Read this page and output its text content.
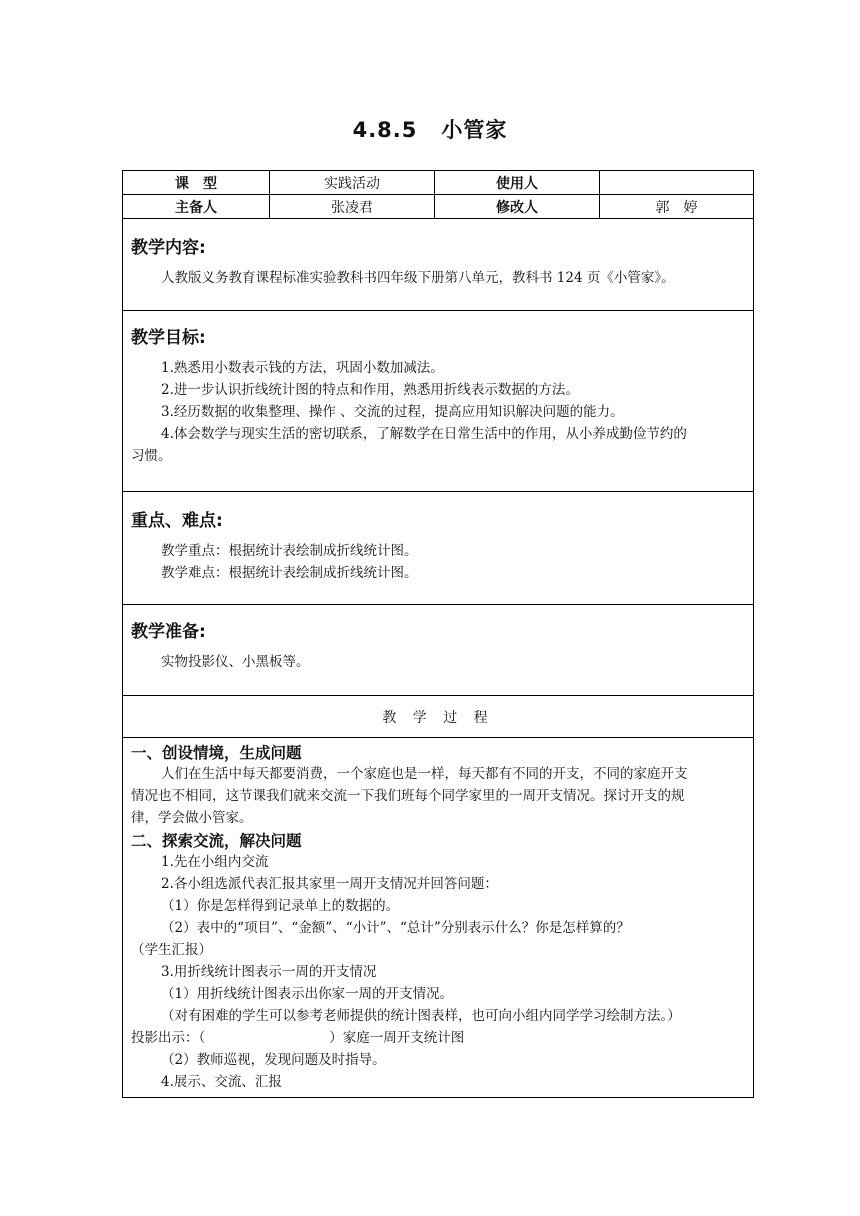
4.8.5 小管家
课　型	实践活动	使用人
主备人	张凌君	修改人	郭　婷
教学内容:
人教版义务教育课程标准实验教科书四年级下册第八单元，教科书 124 页《小管家》。
教学目标:
1.熟悉用小数表示钱的方法，巩固小数加减法。
2.进一步认识折线统计图的特点和作用，熟悉用折线表示数据的方法。
3.经历数据的收集整理、操作 、交流的过程，提高应用知识解决问题的能力。
4.体会数学与现实生活的密切联系，了解数学在日常生活中的作用，从小养成勤俭节约的
习惯。
重点、难点:
教学重点：根据统计表绘制成折线统计图。
教学难点：根据统计表绘制成折线统计图。
教学准备:
实物投影仪、小黑板等。
教 学 过 程
一、创设情境，生成问题
人们在生活中每天都要消费，一个家庭也是一样，每天都有不同的开支，不同的家庭开支
情况也不相同，这节课我们就来交流一下我们班每个同学家里的一周开支情况。探讨开支的规
律，学会做小管家。
二、探索交流，解决问题
1.先在小组内交流
2.各小组选派代表汇报其家里一周开支情况并回答问题：
（1）你是怎样得到记录单上的数据的。
（2）表中的“项目”、“金额”、“小计”、“总计”分别表示什么？你是怎样算的？
（学生汇报）
3.用折线统计图表示一周的开支情况
（1）用折线统计图表示出你家一周的开支情况。
（对有困难的学生可以参考老师提供的统计图表样，也可向小组内同学学习绘制方法。）
投影出示：（	）家庭一周开支统计图
（2）教师巡视，发现问题及时指导。
4.展示、交流、汇报
